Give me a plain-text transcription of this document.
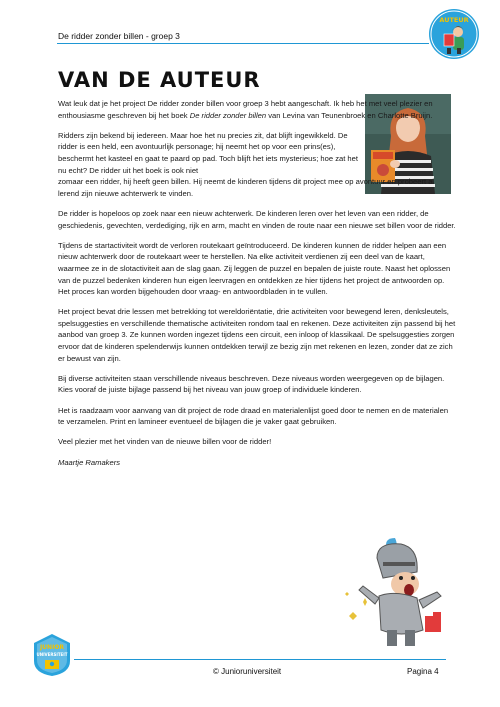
De ridder zonder billen - groep 3
AUTEUR
VAN DE AUTEUR

Wat leuk dat je het project De ridder zonder billen voor groep 3 hebt aangeschaft. Ik heb het met veel plezier en enthousiasme geschreven bij het boek De ridder zonder billen van Levina van Teunenbroek en Charlotte Bruijn.

Ridders zijn bekend bij iedereen. Maar hoe het nu precies zit, dat blijft ingewikkeld. De ridder is een held, een avontuurlijk personage; hij neemt het op voor een prins(es), beschermt het kasteel en gaat te paard op pad. Toch blijft het iets mysterieus; hoe zat het nu echt? De ridder uit het boek is ook niet
zomaar een ridder, hij heeft geen billen. Hij neemt de kinderen tijdens dit project mee op avontuur en probeert al lerend zijn nieuwe achterwerk te vinden.

De ridder is hopeloos op zoek naar een nieuw achterwerk. De kinderen leren over het leven van een ridder, de geschiedenis, gevechten, verdediging, rijk en arm, macht en vinden de route naar een nieuwe set billen voor de ridder.

Tijdens de startactiviteit wordt de verloren routekaart geïntroduceerd. De kinderen kunnen de ridder helpen aan een nieuw achterwerk door de routekaart weer te herstellen. Na elke activiteit verdienen zij een deel van de kaart, waarmee ze in de slotactiviteit aan de slag gaan. Zij leggen de puzzel en bepalen de juiste route. Naast het oplossen van de puzzel bedenken kinderen hun eigen leervragen en ontdekken ze hier tijdens het project de antwoorden op. Het proces kan worden bijgehouden door vraag- en antwoordbladen in te vullen.

Het project bevat drie lessen met betrekking tot wereldoriëntatie, drie activiteiten voor bewegend leren, denksleutels, spelsuggesties en verschillende thematische activiteiten rondom taal en rekenen. Deze activiteiten zijn passend bij het aanbod van groep 3. Ze kunnen worden ingezet tijdens een circuit, een inloop of klassikaal. De spelsuggesties zorgen ervoor dat de kinderen spelenderwijs kunnen ontdekken terwijl ze bezig zijn met rekenen en lezen, zonder dat ze zich er bewust van zijn.

Bij diverse activiteiten staan verschillende niveaus beschreven. Deze niveaus worden weergegeven op de bijlagen. Kies vooraf de juiste bijlage passend bij het niveau van jouw groep of individuele kinderen.

Het is raadzaam voor aanvang van dit project de rode draad en materialenlijst goed door te nemen en de materialen te verzamelen. Print en lamineer eventueel de bijlagen die je vaker gaat gebruiken.

Veel plezier met het vinden van de nieuwe billen voor de ridder!

Maartje Ramakers

JUNIOR
UNIVERSITEIT
© Junioruniversiteit	Pagina 4
